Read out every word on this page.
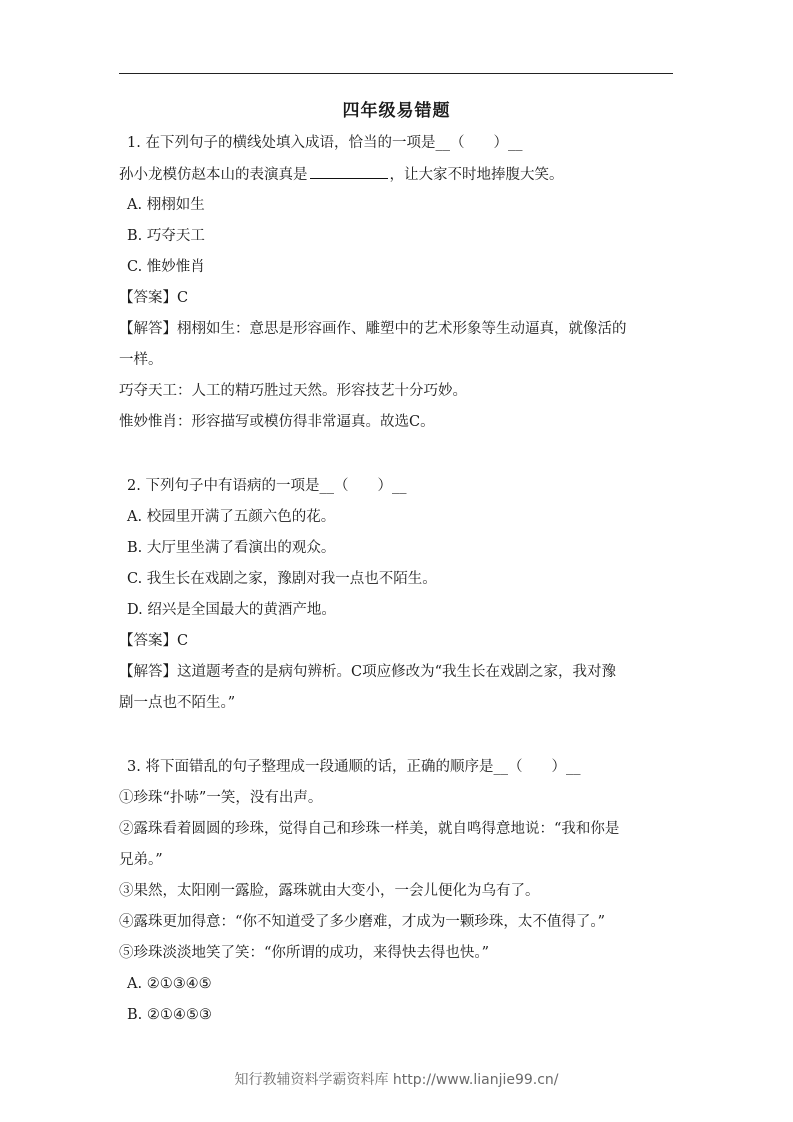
四年级易错题
1. 在下列句子的横线处填入成语，恰当的一项是__（　　）__
孙小龙模仿赵本山的表演真是	，让大家不时地捧腹大笑。
A. 栩栩如生
B. 巧夺天工
C. 惟妙惟肖
【答案】C
【解答】栩栩如生：意思是形容画作、雕塑中的艺术形象等生动逼真，就像活的
一样。
巧夺天工：人工的精巧胜过天然。形容技艺十分巧妙。
惟妙惟肖：形容描写或模仿得非常逼真。故选C。
2. 下列句子中有语病的一项是__（　　）__
A. 校园里开满了五颜六色的花。
B. 大厅里坐满了看演出的观众。
C. 我生长在戏剧之家，豫剧对我一点也不陌生。
D. 绍兴是全国最大的黄酒产地。
【答案】C
【解答】这道题考查的是病句辨析。C项应修改为“我生长在戏剧之家，我对豫
剧一点也不陌生。”
3. 将下面错乱的句子整理成一段通顺的话，正确的顺序是__（　　）__
①珍珠“扑哧”一笑，没有出声。
②露珠看着圆圆的珍珠，觉得自己和珍珠一样美，就自鸣得意地说：“我和你是
兄弟。”
③果然，太阳刚一露脸，露珠就由大变小，一会儿便化为乌有了。
④露珠更加得意：“你不知道受了多少磨难，才成为一颗珍珠，太不值得了。”
⑤珍珠淡淡地笑了笑：“你所谓的成功，来得快去得也快。”
A. ②①③④⑤
B. ②①④⑤③
知行教辅资料学霸资料库 http://www.lianjie99.cn/
